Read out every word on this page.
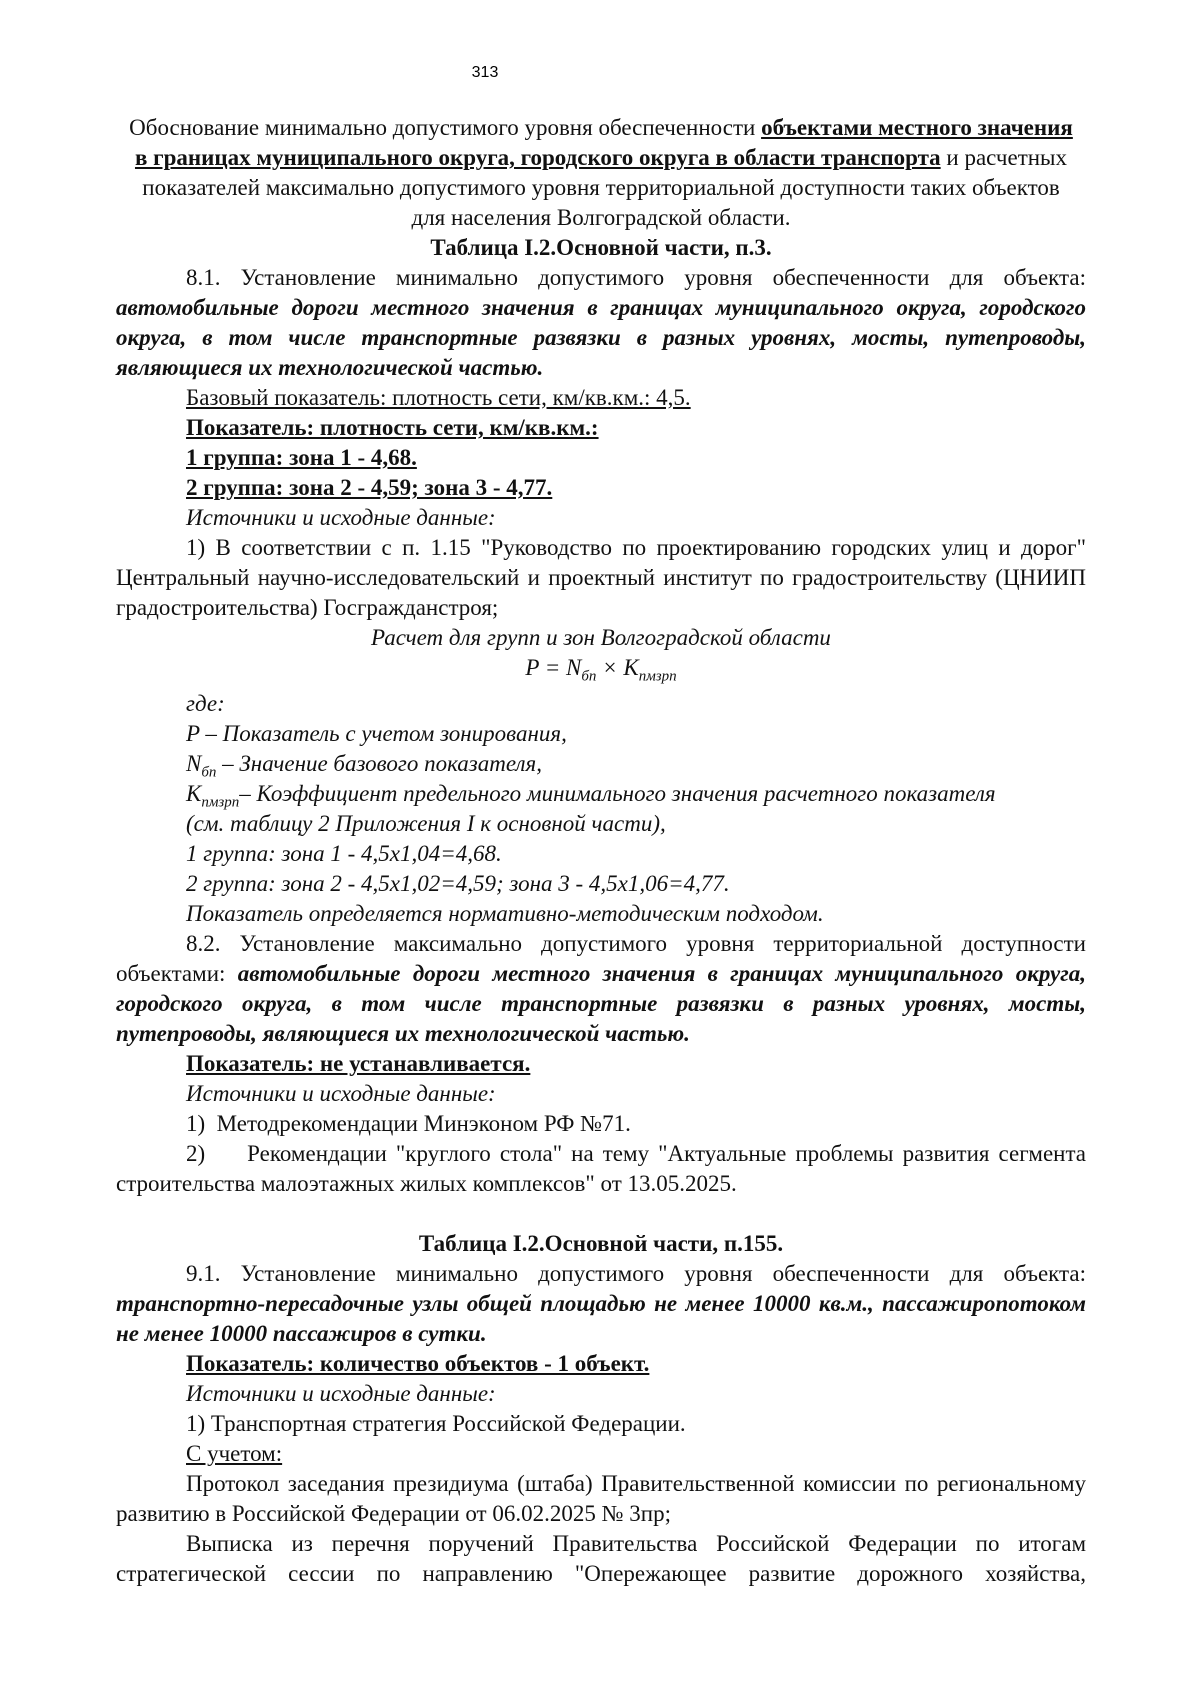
313

Обоснование минимально допустимого уровня обеспеченности объектами местного значения

в границах муниципального округа, городского округа в области транспорта и расчетных

показателей максимально допустимого уровня территориальной доступности таких объектов

для населения Волгоградской области.

Таблица I.2.Основной части, п.3.

8.1. Установление минимально допустимого уровня обеспеченности для объекта: автомобильные дороги местного значения в границах муниципального округа, городского округа, в том числе транспортные развязки в разных уровнях, мосты, путепроводы, являющиеся их технологической частью.

Базовый показатель: плотность сети, км/кв.км.: 4,5.

Показатель: плотность сети, км/кв.км.:

1 группа: зона 1 - 4,68.

2 группа: зона 2 - 4,59; зона 3 - 4,77.

Источники и исходные данные:

1) В соответствии с п. 1.15 "Руководство по проектированию городских улиц и дорог" Центральный научно-исследовательский и проектный институт по градостроительству (ЦНИИП градостроительства) Госгражданстроя;

Расчет для групп и зон Волгоградской области

$P = N_{бп} \times K_{пмзрп}$

где:

P – Показатель с учетом зонирования,

$N_{бп}$ – Значение базового показателя,

$K_{пмзрп}-$ Коэффициент предельного минимального значения расчетного показателя

(см. таблицу 2 Приложения I к основной части),

1 группа: зона 1 - 4,5x1,04=4,68.

2 группа: зона 2 - 4,5x1,02=4,59; зона 3 - 4,5x1,06=4,77.

Показатель определяется нормативно-методическим подходом.

8.2. Установление максимально допустимого уровня территориальной доступности объектами: автомобильные дороги местного значения в границах муниципального округа, городского округа, в том числе транспортные развязки в разных уровнях, мосты, путепроводы, являющиеся их технологической частью.

Показатель: не устанавливается.

Источники и исходные данные:

1)  Методрекомендации Минэконом РФ №71.

2) Рекомендации "круглого стола" на тему "Актуальные проблемы развития сегмента строительства малоэтажных жилых комплексов" от 13.05.2025.

Таблица I.2.Основной части, п.155.

9.1. Установление минимально допустимого уровня обеспеченности для объекта: транспортно-пересадочные узлы общей площадью не менее 10000 кв.м., пассажиропотоком не менее 10000 пассажиров в сутки.

Показатель: количество объектов - 1 объект.

Источники и исходные данные:

1) Транспортная стратегия Российской Федерации.

С учетом:

Протокол заседания президиума (штаба) Правительственной комиссии по региональному развитию в Российской Федерации от 06.02.2025 № 3пр;

Выписка из перечня поручений Правительства Российской Федерации по итогам стратегической сессии по направлению "Опережающее развитие дорожного хозяйства,
